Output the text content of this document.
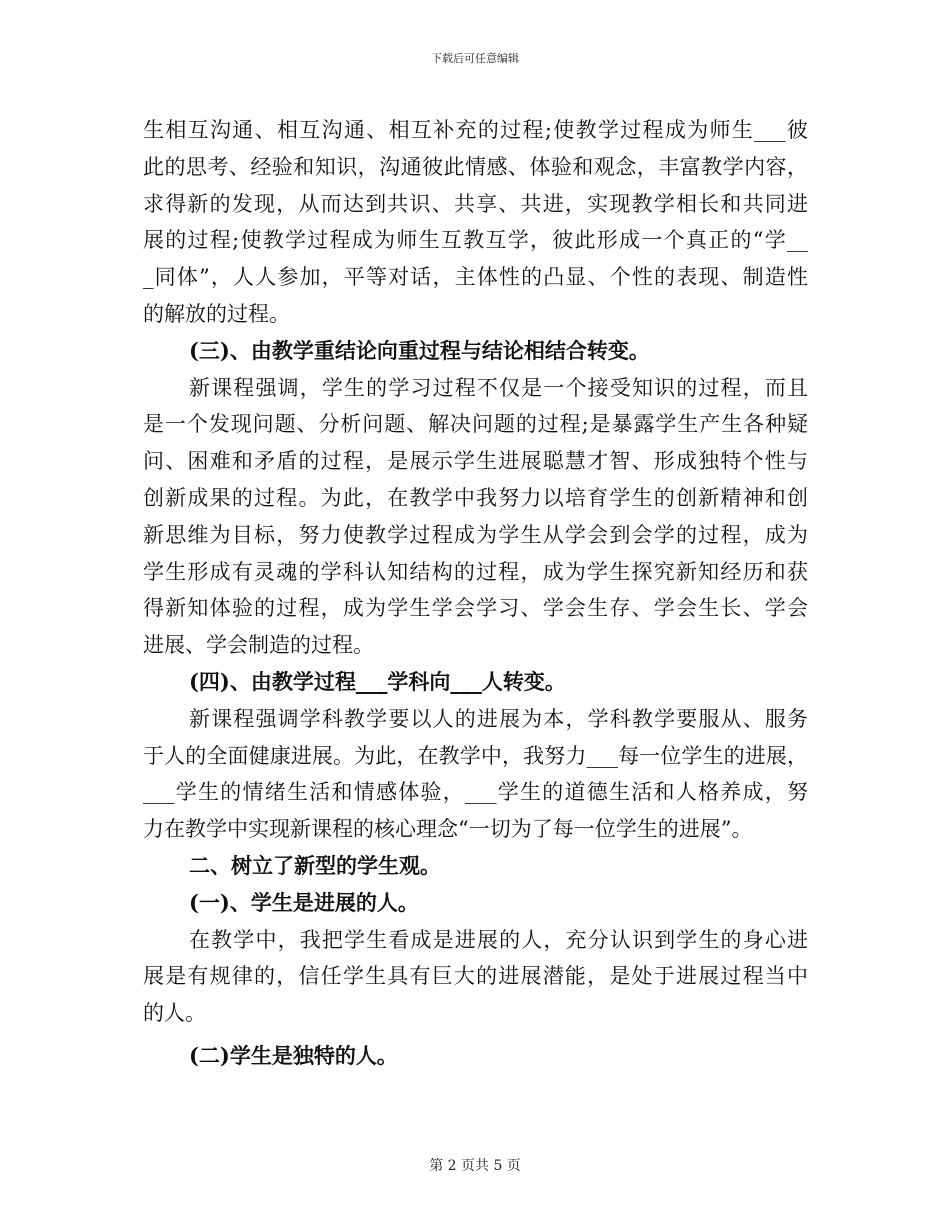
下载后可任意编辑
生相互沟通、相互沟通、相互补充的过程;使教学过程成为师生___彼
此的思考、经验和知识，沟通彼此情感、体验和观念，丰富教学内容，
求得新的发现，从而达到共识、共享、共进，实现教学相长和共同进
展的过程;使教学过程成为师生互教互学，彼此形成一个真正的“学__
_同体”，人人参加，平等对话，主体性的凸显、个性的表现、制造性
的解放的过程。
(三)、由教学重结论向重过程与结论相结合转变。
新课程强调，学生的学习过程不仅是一个接受知识的过程，而且
是一个发现问题、分析问题、解决问题的过程;是暴露学生产生各种疑
问、困难和矛盾的过程，是展示学生进展聪慧才智、形成独特个性与
创新成果的过程。为此，在教学中我努力以培育学生的创新精神和创
新思维为目标，努力使教学过程成为学生从学会到会学的过程，成为
学生形成有灵魂的学科认知结构的过程，成为学生探究新知经历和获
得新知体验的过程，成为学生学会学习、学会生存、学会生长、学会
进展、学会制造的过程。
(四)、由教学过程___学科向___人转变。
新课程强调学科教学要以人的进展为本，学科教学要服从、服务
于人的全面健康进展。为此，在教学中，我努力___每一位学生的进展，
___学生的情绪生活和情感体验，___学生的道德生活和人格养成，努
力在教学中实现新课程的核心理念“一切为了每一位学生的进展”。
二、树立了新型的学生观。
(一)、学生是进展的人。
在教学中，我把学生看成是进展的人，充分认识到学生的身心进
展是有规律的，信任学生具有巨大的进展潜能，是处于进展过程当中
的人。
(二)学生是独特的人。
第 2 页共 5 页
